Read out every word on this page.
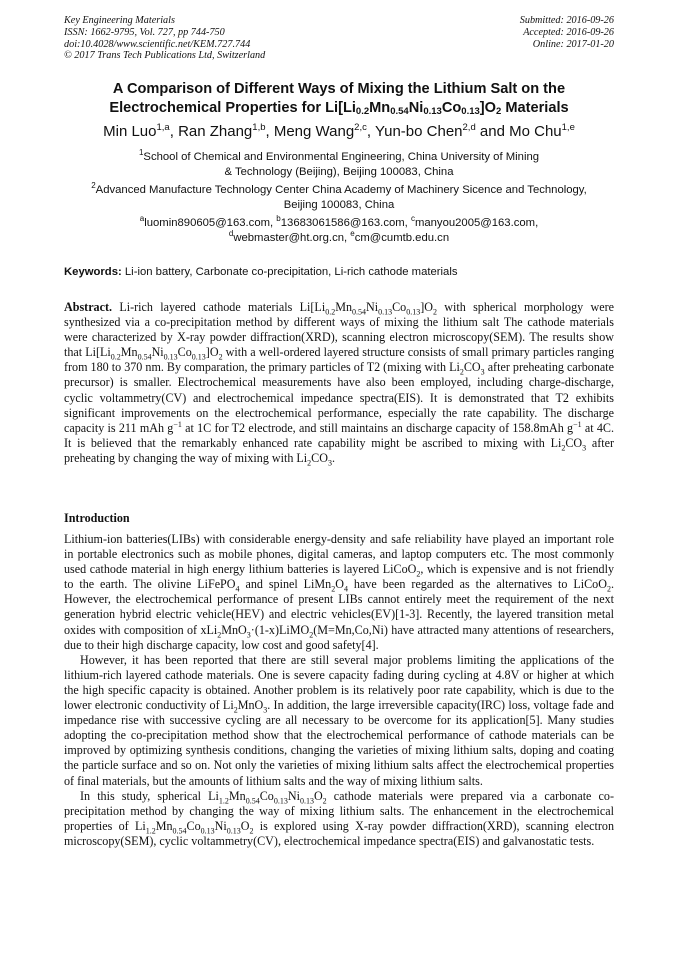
Key Engineering Materials
ISSN: 1662-9795, Vol. 727, pp 744-750
doi:10.4028/www.scientific.net/KEM.727.744
© 2017 Trans Tech Publications Ltd, Switzerland
Submitted: 2016-09-26
Accepted: 2016-09-26
Online: 2017-01-20
A Comparison of Different Ways of Mixing the Lithium Salt on the
Electrochemical Properties for $Li[Li_{0.2}Mn_{0.54}Ni_{0.13}Co_{0.13}]O_2$ Materials
Min Luo$^{1,a}$, Ran Zhang$^{1,b}$, Meng Wang$^{2,c}$, Yun-bo Chen$^{2,d}$ and Mo Chu$^{1,e}$
$^1$School of Chemical and Environmental Engineering, China University of Mining
& Technology (Beijing), Beijing 100083, China
$^2$Advanced Manufacture Technology Center China Academy of Machinery Sicence and Technology,
Beijing 100083, China
$^a$luomin890605@163.com, $^b$13683061586@163.com, $^c$manyou2005@163.com,
$^d$webmaster@ht.org.cn, $^e$cm@cumtb.edu.cn
Keywords: Li-ion battery, Carbonate co-precipitation, Li-rich cathode materials

Abstract. Li-rich layered cathode materials $Li[Li_{0.2}Mn_{0.54}Ni_{0.13}Co_{0.13}]O_2$ with spherical morphology were synthesized via a co-precipitation method by different ways of mixing the lithium salt The cathode materials were characterized by X-ray powder diffraction(XRD), scanning electron microscopy(SEM). The results show that $Li[Li_{0.2}Mn_{0.54}Ni_{0.13}Co_{0.13}]O_2$ with a well-ordered layered structure consists of small primary particles ranging from 180 to 370 nm. By comparation, the primary particles of T2 (mixing with $Li_2CO_3$ after preheating carbonate precursor) is smaller. Electrochemical measurements have also been employed, including charge-discharge, cyclic voltammetry(CV) and electrochemical impedance spectra(EIS). It is demonstrated that T2 exhibits significant improvements on the electrochemical performance, especially the rate capability. The discharge capacity is 211 mAh $g^{-1}$ at 1C for T2 electrode, and still maintains an discharge capacity of 158.8mAh $g^{-1}$ at 4C. It is believed that the remarkably enhanced rate capability might be ascribed to mixing with $Li_2CO_3$ after preheating by changing the way of mixing with $Li_2CO_3$.

Introduction

Lithium-ion batteries(LIBs) with considerable energy-density and safe reliability have played an important role in portable electronics such as mobile phones, digital cameras, and laptop computers etc. The most commonly used cathode material in high energy lithium batteries is layered LiCoO$_2$, which is expensive and is not friendly to the earth. The olivine LiFePO$_4$ and spinel $LiMn_2O_4$ have been regarded as the alternatives to LiCoO$_2$. However, the electrochemical performance of present LIBs cannot entirely meet the requirement of the next generation hybrid electric vehicle(HEV) and electric vehicles(EV)[1-3]. Recently, the layered transition metal oxides with composition of xLi$_2$MnO$_3$·(1-x)LiMO$_2$(M=Mn,Co,Ni) have attracted many attentions of researchers, due to their high discharge capacity, low cost and good safety[4].

However, it has been reported that there are still several major problems limiting the applications of the lithium-rich layered cathode materials. One is severe capacity fading during cycling at 4.8V or higher at which the high specific capacity is obtained. Another problem is its relatively poor rate capability, which is due to the lower electronic conductivity of $Li_2MnO_3$. In addition, the large irreversible capacity(IRC) loss, voltage fade and impedance rise with successive cycling are all necessary to be overcome for its application[5]. Many studies adopting the co-precipitation method show that the electrochemical performance of cathode materials can be improved by optimizing synthesis conditions, changing the varieties of mixing lithium salts, doping and coating the particle surface and so on. Not only the varieties of mixing lithium salts affect the electrochemical properties of final materials, but the amounts of lithium salts and the way of mixing lithium salts.

In this study, spherical $Li_{1.2}Mn_{0.54}Co_{0.13}Ni_{0.13}O_2$ cathode materials were prepared via a carbonate co-precipitation method by changing the way of mixing lithium salts. The enhancement in the electrochemical properties of $Li_{1.2}Mn_{0.54}Co_{0.13}Ni_{0.13}O_2$ is explored using X-ray powder diffraction(XRD), scanning electron microscopy(SEM), cyclic voltammetry(CV), electrochemical impedance spectra(EIS) and galvanostatic tests.
